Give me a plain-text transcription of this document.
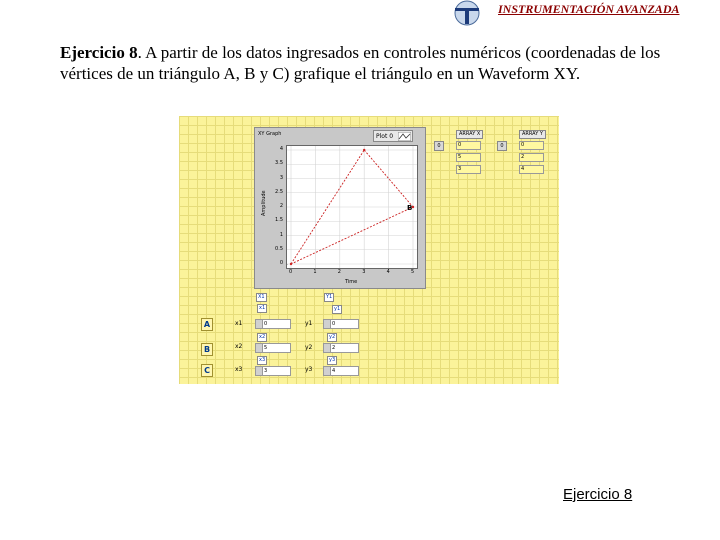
INSTRUMENTACIÓN AVANZADA
Ejercicio 8. A partir de los datos ingresados en controles numéricos (coordenadas de los vértices de un triángulo A, B y C) grafique el triángulo en un Waveform XY.
XY Graph	Plot 0
Amplitude
4
3.5
3
2.5
2
1.5
1
0.5
0
0	1	2	3	4	5
Time
B
ARRAY X
0	0
5
3
ARRAY Y
0	0
2
4
X1
x1
Y1
y1
x2	y2
x3	y3
A	x1	0	y1	0
B	x2	5	y2	2
C	x3	3	y3	4
Ejercicio 8
